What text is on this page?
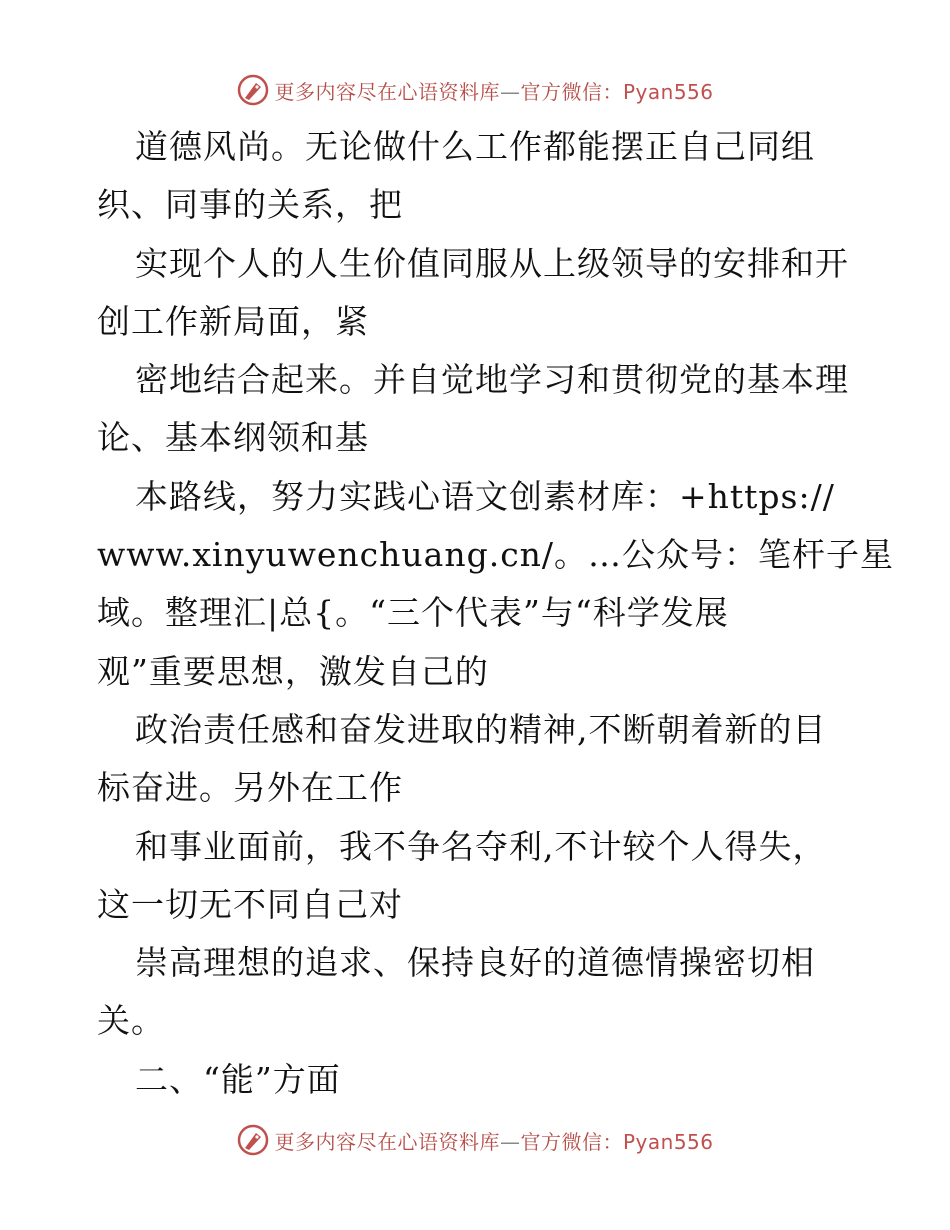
更多内容尽在心语资料库—官方微信：Pyan556
道德风尚。无论做什么工作都能摆正自己同组
织、同事的关系，把
实现个人的人生价值同服从上级领导的安排和开
创工作新局面，紧
密地结合起来。并自觉地学习和贯彻党的基本理
论、基本纲领和基
本路线，努力实践心语文创素材库：+https://
www.xinyuwenchuang.cn/。…公众号：笔杆子星
域。整理汇|总{。“三个代表”与“科学发展
观”重要思想，激发自己的
政治责任感和奋发进取的精神,不断朝着新的目
标奋进。另外在工作
和事业面前，我不争名夺利,不计较个人得失，
这一切无不同自己对
崇高理想的追求、保持良好的道德情操密切相
关。
二、“能”方面
更多内容尽在心语资料库—官方微信：Pyan556
